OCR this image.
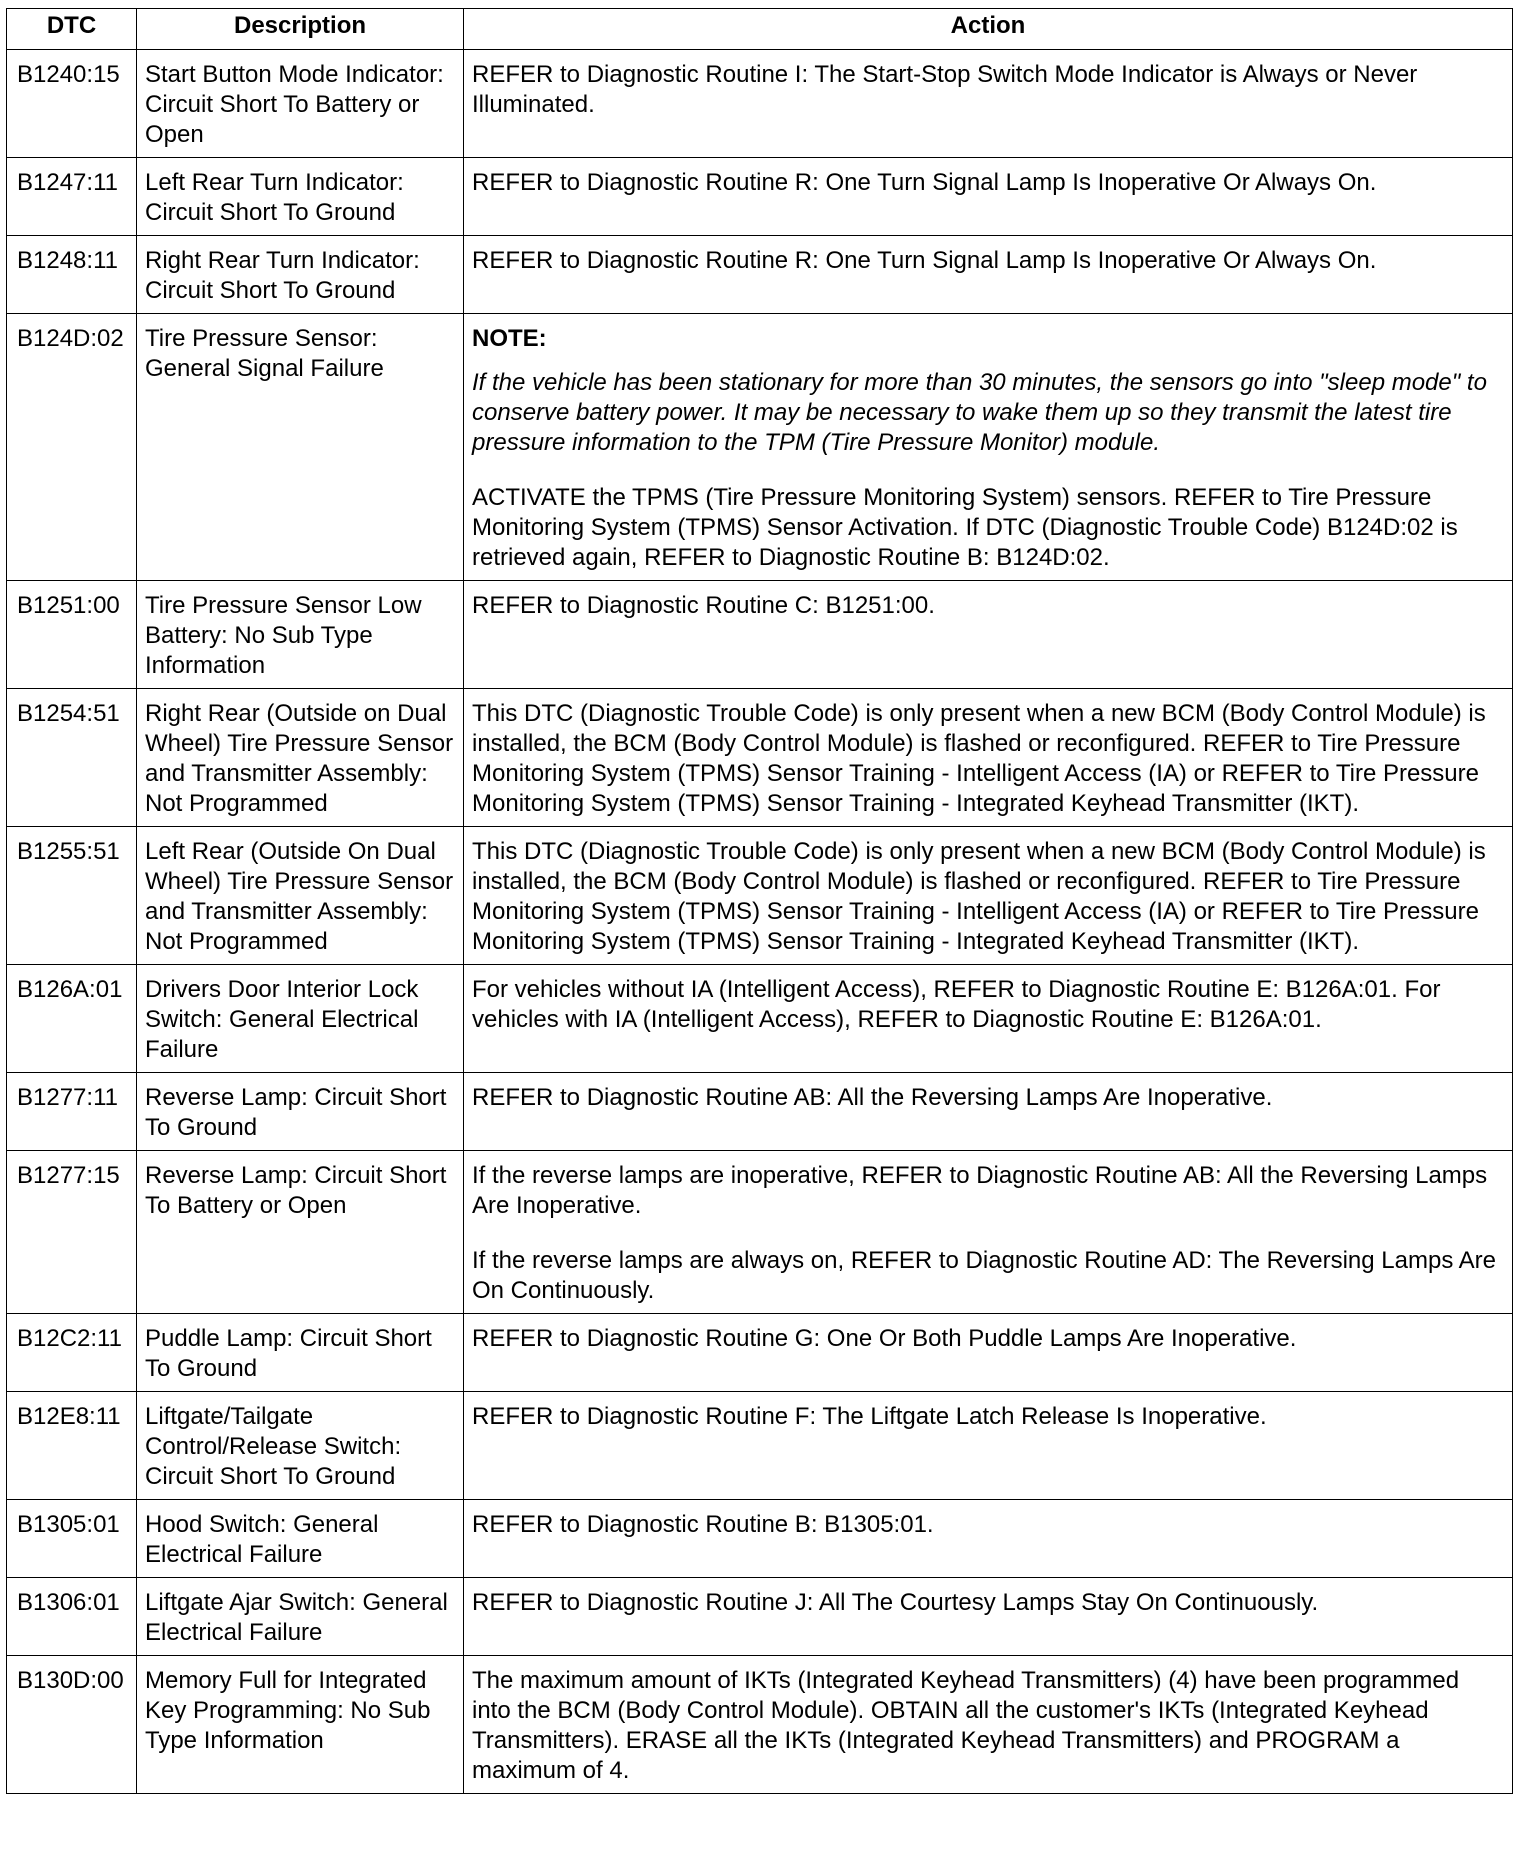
DTC	Description	Action
B1240:15	Start Button Mode Indicator: Circuit Short To Battery or Open	REFER to Diagnostic Routine I: The Start-Stop Switch Mode Indicator is Always or Never Illuminated.

B1247:11	Left Rear Turn Indicator: Circuit Short To Ground	REFER to Diagnostic Routine R: One Turn Signal Lamp Is Inoperative Or Always On.

B1248:11	Right Rear Turn Indicator: Circuit Short To Ground	REFER to Diagnostic Routine R: One Turn Signal Lamp Is Inoperative Or Always On.

B124D:02	Tire Pressure Sensor: General Signal Failure	NOTE:

If the vehicle has been stationary for more than 30 minutes, the sensors go into "sleep mode" to conserve battery power. It may be necessary to wake them up so they transmit the latest tire pressure information to the TPM (Tire Pressure Monitor) module.

ACTIVATE the TPMS (Tire Pressure Monitoring System) sensors. REFER to Tire Pressure Monitoring System (TPMS) Sensor Activation. If DTC (Diagnostic Trouble Code) B124D:02 is retrieved again, REFER to Diagnostic Routine B: B124D:02.

B1251:00	Tire Pressure Sensor Low Battery: No Sub Type Information	REFER to Diagnostic Routine C: B1251:00.

B1254:51	Right Rear (Outside on Dual Wheel) Tire Pressure Sensor and Transmitter Assembly: Not Programmed	This DTC (Diagnostic Trouble Code) is only present when a new BCM (Body Control Module) is installed, the BCM (Body Control Module) is flashed or reconfigured. REFER to Tire Pressure Monitoring System (TPMS) Sensor Training - Intelligent Access (IA) or REFER to Tire Pressure Monitoring System (TPMS) Sensor Training - Integrated Keyhead Transmitter (IKT).

B1255:51	Left Rear (Outside On Dual Wheel) Tire Pressure Sensor and Transmitter Assembly: Not Programmed	This DTC (Diagnostic Trouble Code) is only present when a new BCM (Body Control Module) is installed, the BCM (Body Control Module) is flashed or reconfigured. REFER to Tire Pressure Monitoring System (TPMS) Sensor Training - Intelligent Access (IA) or REFER to Tire Pressure Monitoring System (TPMS) Sensor Training - Integrated Keyhead Transmitter (IKT).

B126A:01	Drivers Door Interior Lock Switch: General Electrical Failure	For vehicles without IA (Intelligent Access), REFER to Diagnostic Routine E: B126A:01. For vehicles with IA (Intelligent Access), REFER to Diagnostic Routine E: B126A:01.

B1277:11	Reverse Lamp: Circuit Short To Ground	REFER to Diagnostic Routine AB: All the Reversing Lamps Are Inoperative.

B1277:15	Reverse Lamp: Circuit Short To Battery or Open	If the reverse lamps are inoperative, REFER to Diagnostic Routine AB: All the Reversing Lamps Are Inoperative.

If the reverse lamps are always on, REFER to Diagnostic Routine AD: The Reversing Lamps Are On Continuously.

B12C2:11	Puddle Lamp: Circuit Short To Ground	REFER to Diagnostic Routine G: One Or Both Puddle Lamps Are Inoperative.

B12E8:11	Liftgate/Tailgate Control/Release Switch: Circuit Short To Ground	REFER to Diagnostic Routine F: The Liftgate Latch Release Is Inoperative.

B1305:01	Hood Switch: General Electrical Failure	REFER to Diagnostic Routine B: B1305:01.

B1306:01	Liftgate Ajar Switch: General Electrical Failure	REFER to Diagnostic Routine J: All The Courtesy Lamps Stay On Continuously.

B130D:00	Memory Full for Integrated Key Programming: No Sub Type Information	The maximum amount of IKTs (Integrated Keyhead Transmitters) (4) have been programmed into the BCM (Body Control Module). OBTAIN all the customer's IKTs (Integrated Keyhead Transmitters). ERASE all the IKTs (Integrated Keyhead Transmitters) and PROGRAM a maximum of 4.
